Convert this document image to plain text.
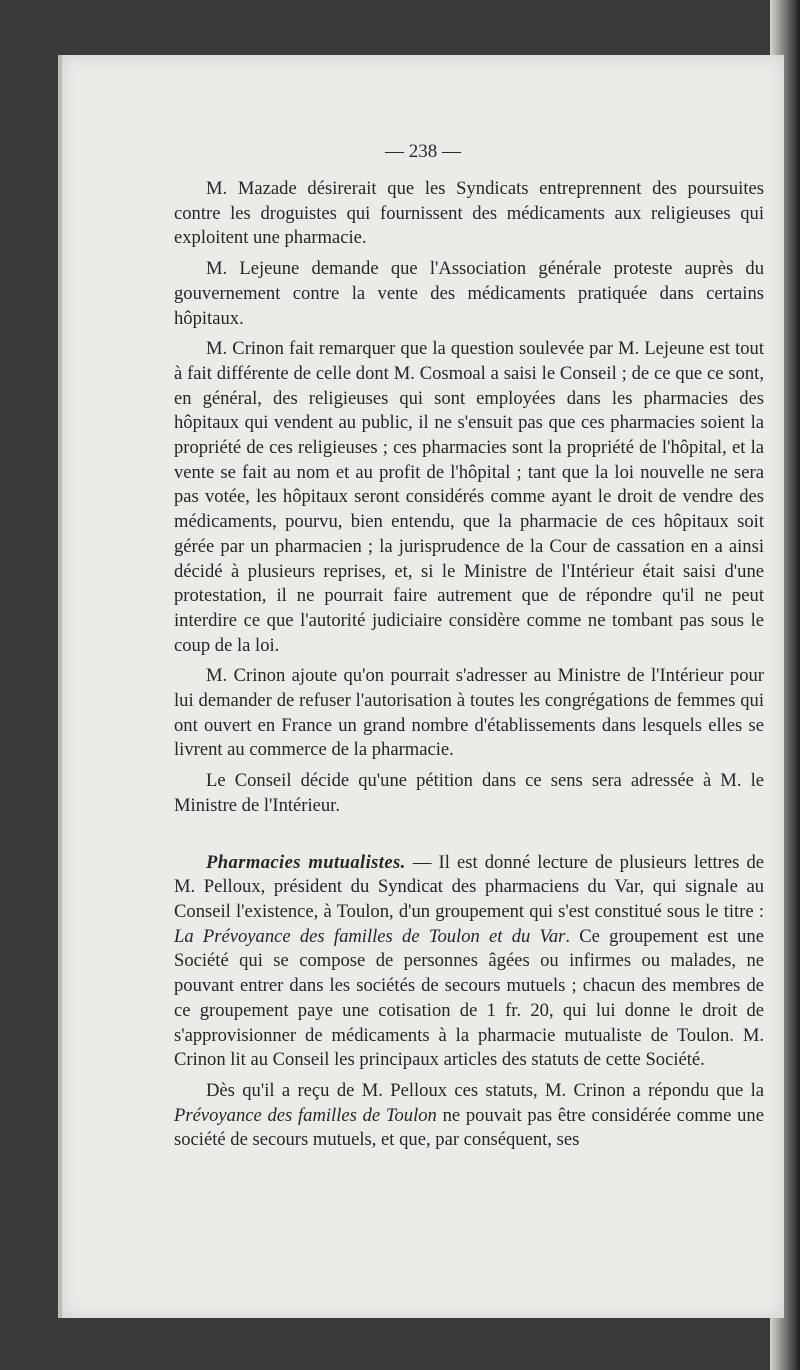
— 238 —

M. Mazade désirerait que les Syndicats entreprennent des poursuites contre les droguistes qui fournissent des médicaments aux religieuses qui exploitent une pharmacie.

M. Lejeune demande que l'Association générale proteste auprès du gouvernement contre la vente des médicaments pratiquée dans certains hôpitaux.

M. Crinon fait remarquer que la question soulevée par M. Lejeune est tout à fait différente de celle dont M. Cosmoal a saisi le Conseil ; de ce que ce sont, en général, des religieuses qui sont employées dans les pharmacies des hôpitaux qui vendent au public, il ne s'ensuit pas que ces pharmacies soient la propriété de ces religieuses ; ces pharmacies sont la propriété de l'hôpital, et la vente se fait au nom et au profit de l'hôpital ; tant que la loi nouvelle ne sera pas votée, les hôpitaux seront considérés comme ayant le droit de vendre des médicaments, pourvu, bien entendu, que la pharmacie de ces hôpitaux soit gérée par un pharmacien ; la jurisprudence de la Cour de cassation en a ainsi décidé à plusieurs reprises, et, si le Ministre de l'Intérieur était saisi d'une protestation, il ne pourrait faire autrement que de répondre qu'il ne peut interdire ce que l'autorité judiciaire considère comme ne tombant pas sous le coup de la loi.

M. Crinon ajoute qu'on pourrait s'adresser au Ministre de l'Intérieur pour lui demander de refuser l'autorisation à toutes les congrégations de femmes qui ont ouvert en France un grand nombre d'établissements dans lesquels elles se livrent au commerce de la pharmacie.

Le Conseil décide qu'une pétition dans ce sens sera adressée à M. le Ministre de l'Intérieur.

Pharmacies mutualistes. — Il est donné lecture de plusieurs lettres de M. Pelloux, président du Syndicat des pharmaciens du Var, qui signale au Conseil l'existence, à Toulon, d'un groupement qui s'est constitué sous le titre : La Prévoyance des familles de Toulon et du Var. Ce groupement est une Société qui se compose de personnes âgées ou infirmes ou malades, ne pouvant entrer dans les sociétés de secours mutuels ; chacun des membres de ce groupement paye une cotisation de 1 fr. 20, qui lui donne le droit de s'approvisionner de médicaments à la pharmacie mutualiste de Toulon. M. Crinon lit au Conseil les principaux articles des statuts de cette Société.

Dès qu'il a reçu de M. Pelloux ces statuts, M. Crinon a répondu que la Prévoyance des familles de Toulon ne pouvait pas être considérée comme une société de secours mutuels, et que, par conséquent, ses
